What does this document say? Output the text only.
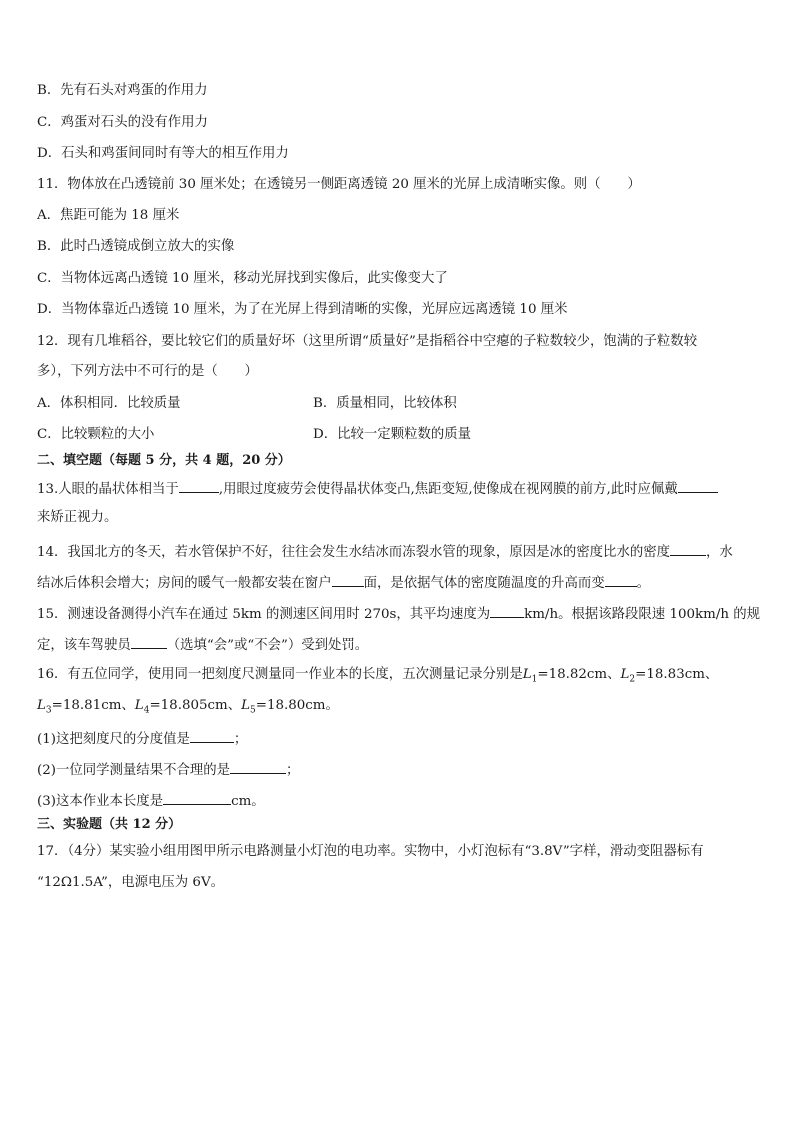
B．先有石头对鸡蛋的作用力
C．鸡蛋对石头的没有作用力
D．石头和鸡蛋间同时有等大的相互作用力
11．物体放在凸透镜前 30 厘米处；在透镜另一侧距离透镜 20 厘米的光屏上成清晰实像。则（　　）
A．焦距可能为 18 厘米
B．此时凸透镜成倒立放大的实像
C．当物体远离凸透镜 10 厘米，移动光屏找到实像后，此实像变大了
D．当物体靠近凸透镜 10 厘米，为了在光屏上得到清晰的实像，光屏应远离透镜 10 厘米
12．现有几堆稻谷，要比较它们的质量好坏（这里所谓“质量好”是指稻谷中空瘪的子粒数较少，饱满的子粒数较
多），下列方法中不可行的是（　　）
A．体积相同．比较质量	B．质量相同，比较体积
C．比较颗粒的大小	D．比较一定颗粒数的质量
二、填空题（每题 5 分，共 4 题，20 分）
13.人眼的晶状体相当于	,用眼过度疲劳会使得晶状体变凸,焦距变短,使像成在视网膜的前方,此时应佩戴
来矫正视力。
14．我国北方的冬天，若水管保护不好，往往会发生水结冰而冻裂水管的现象，原因是冰的密度比水的密度	，水
结冰后体积会增大；房间的暖气一般都安装在窗户 面，是依据气体的密度随温度的升高而变 。
15．测速设备测得小汽车在通过 5km 的测速区间用时 270s，其平均速度为	km/h。根据该路段限速 100km/h 的规
定，该车驾驶员	（选填“会”或“不会”）受到处罚。
16．有五位同学，使用同一把刻度尺测量同一作业本的长度，五次测量记录分别是$L_1=18.82cm$、$L_2=18.83cm$、
$L_3=18.81cm$、$L_4=18.805cm$、$L_5=18.80cm$。
(1)这把刻度尺的分度值是	；
(2)一位同学测量结果不合理的是	；
(3)这本作业本长度是	cm。
三、实验题（共 12 分）
17．（4分）某实验小组用图甲所示电路测量小灯泡的电功率。实物中，小灯泡标有“3.8V”字样，滑动变阻器标有
“12Ω1.5A”，电源电压为 6V。
